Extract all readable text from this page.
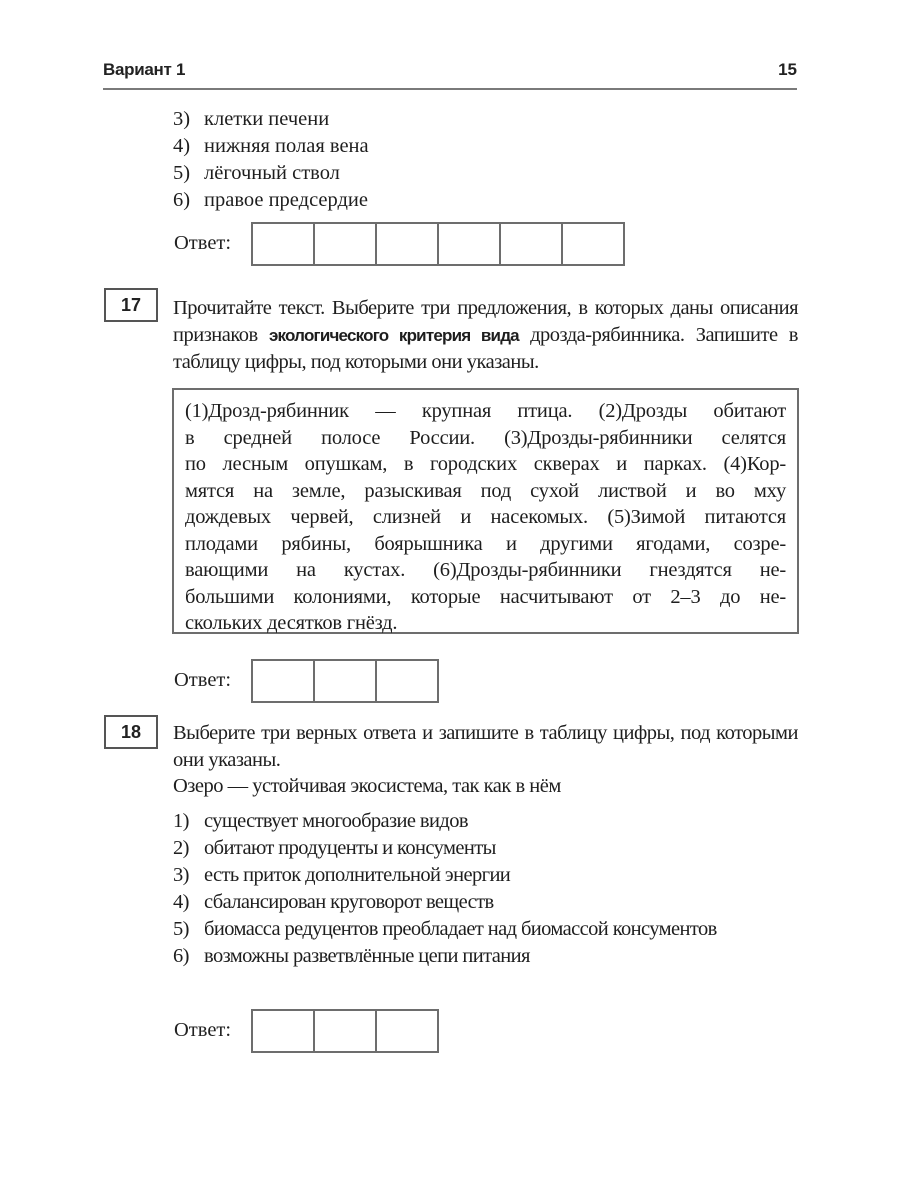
Вариант 1	15
3) клетки печени
4) нижняя полая вена
5) лёгочный ствол
6) правое предсердие
Ответ:
17	Прочитайте текст. Выберите три предложения, в которых даны описания признаков экологического критерия вида дрозда-рябинника. Запишите в таблицу цифры, под которыми они указаны.
(1)Дрозд-рябинник — крупная птица. (2)Дрозды обитают
в средней полосе России. (3)Дрозды-рябинники селятся
по лесным опушкам, в городских скверах и парках. (4)Кор-
мятся на земле, разыскивая под сухой листвой и во мху
дождевых червей, слизней и насекомых. (5)Зимой питаются
плодами рябины, боярышника и другими ягодами, созре-
вающими на кустах. (6)Дрозды-рябинники гнездятся не-
большими колониями, которые насчитывают от 2–3 до не-
скольких десятков гнёзд.
Ответ:
18	Выберите три верных ответа и запишите в таблицу цифры, под которыми они указаны.
Озеро — устойчивая экосистема, так как в нём
1) существует многообразие видов
2) обитают продуценты и консументы
3) есть приток дополнительной энергии
4) сбалансирован круговорот веществ
5) биомасса редуцентов преобладает над биомассой консументов
6) возможны разветвлённые цепи питания
Ответ:
